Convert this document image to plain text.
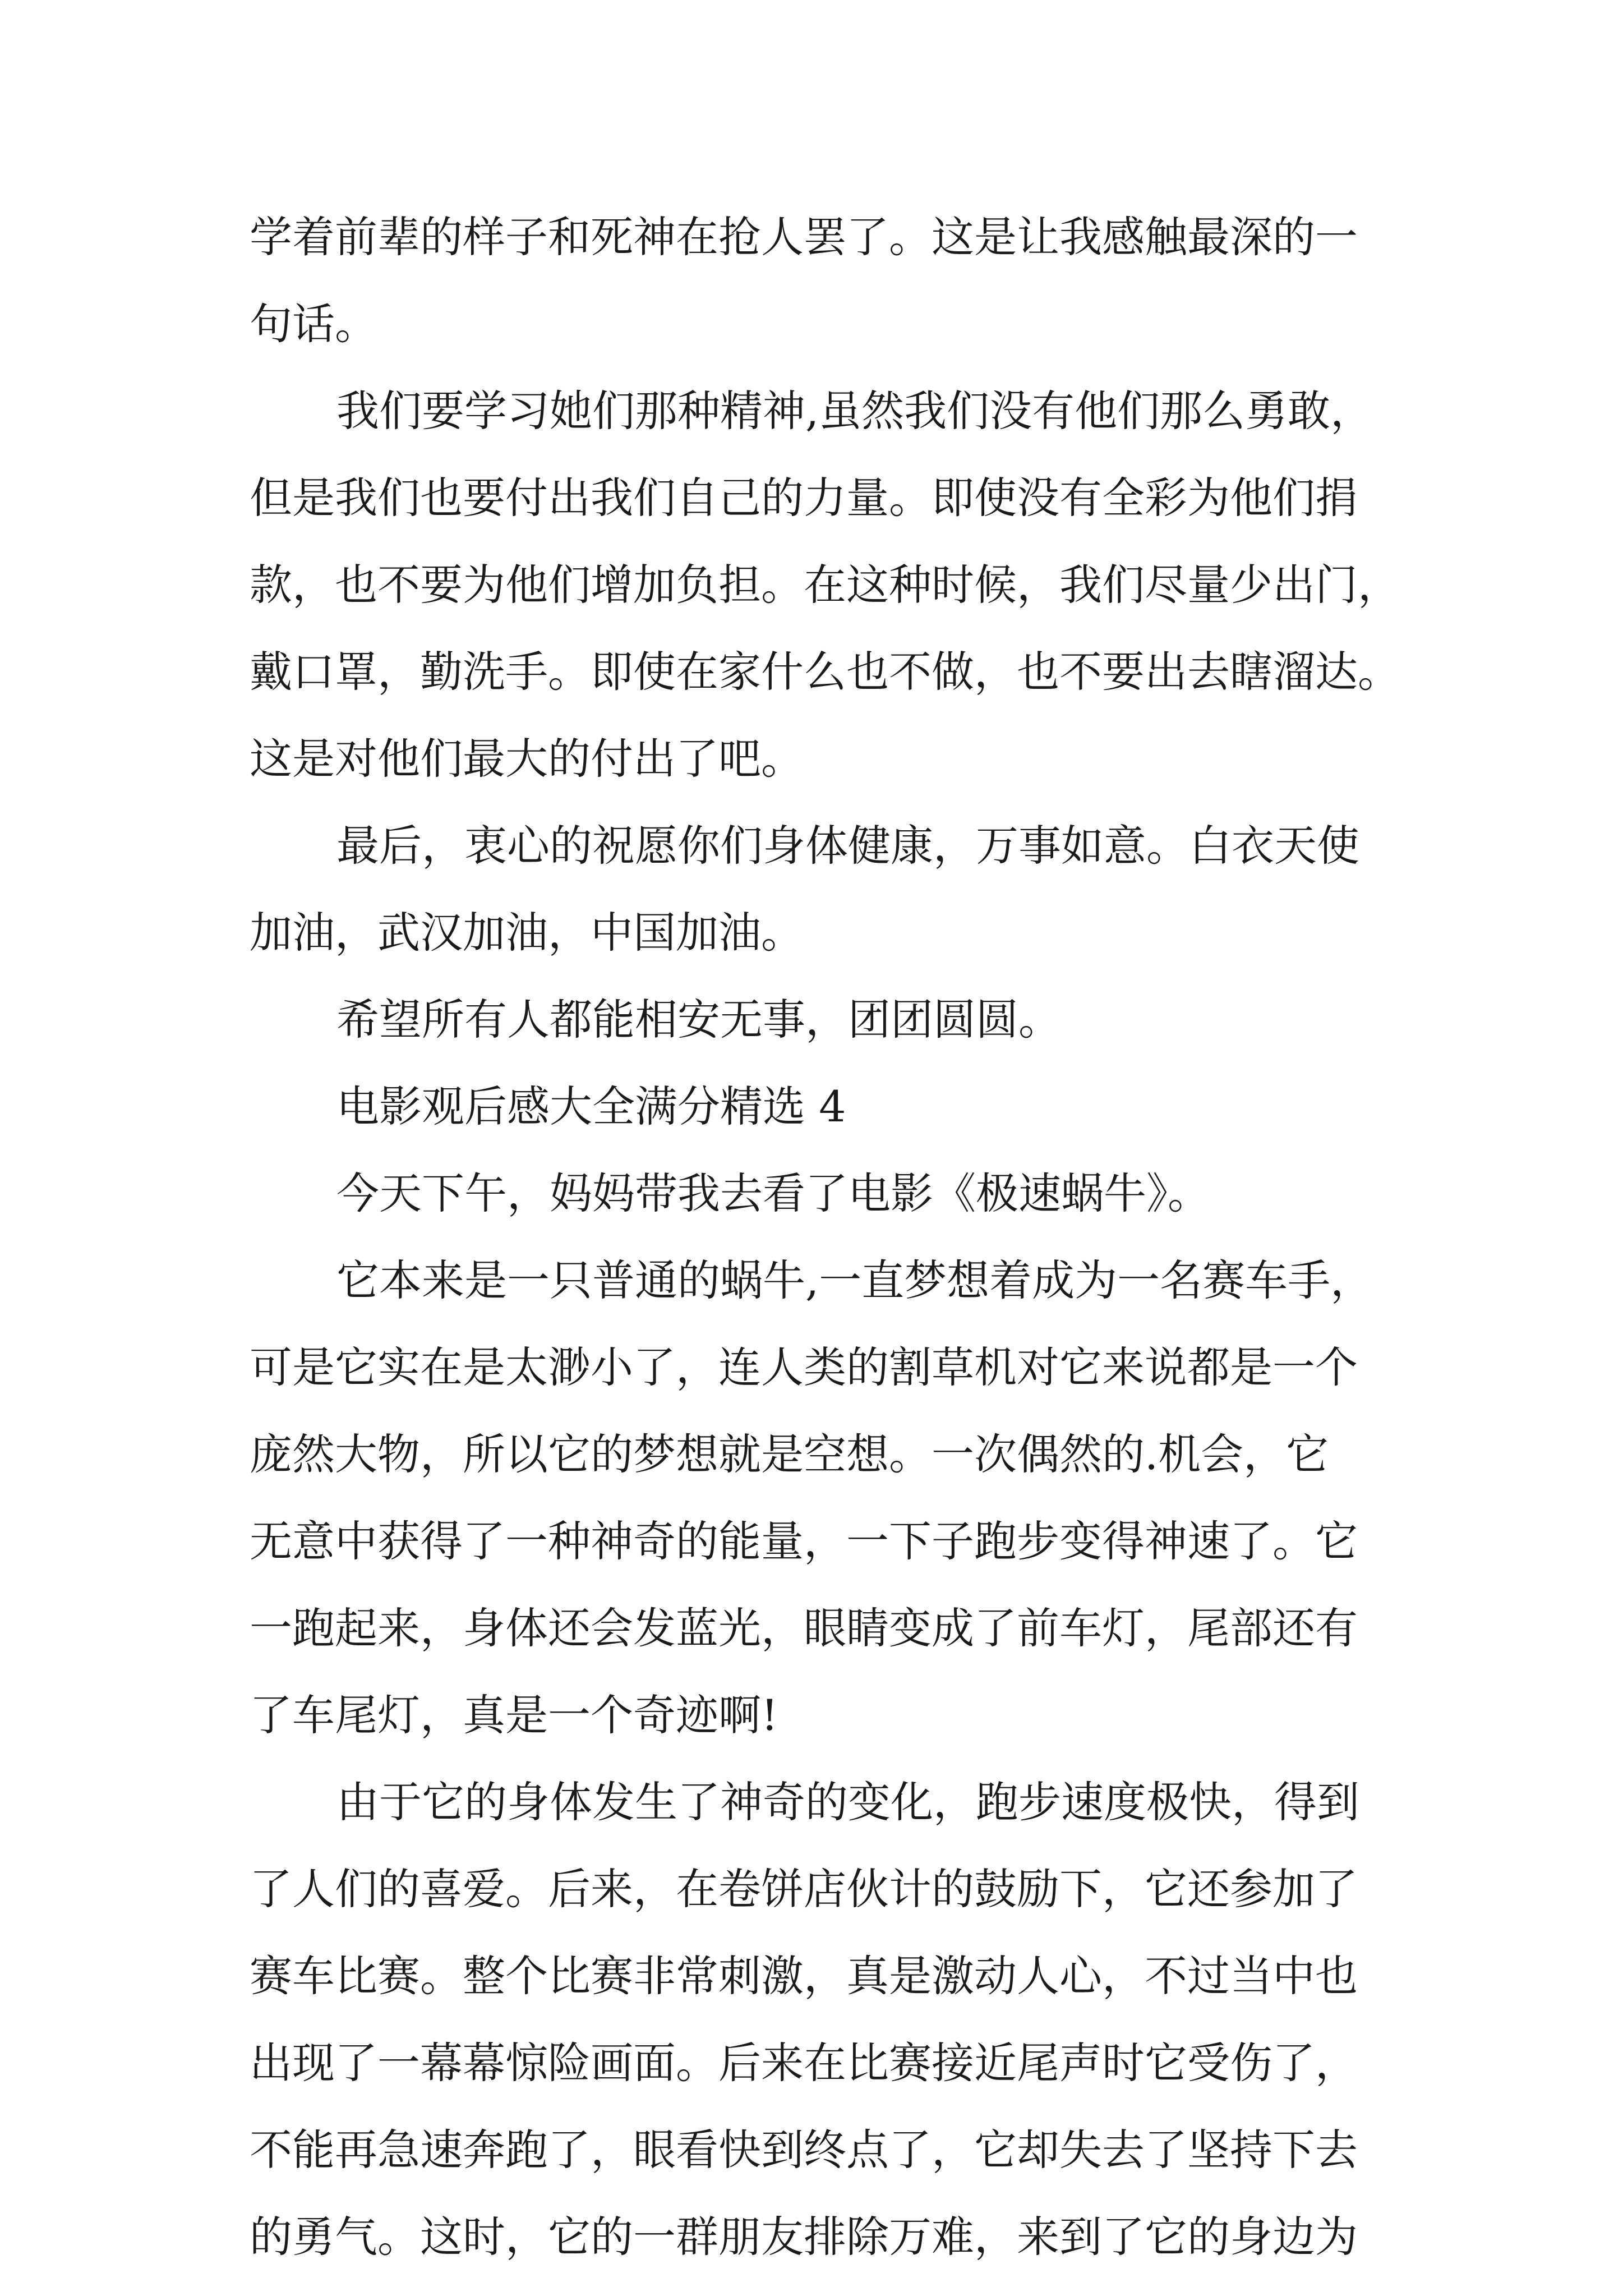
学着前辈的样子和死神在抢人罢了。这是让我感触最深的一
句话。
我们要学习她们那种精神,虽然我们没有他们那么勇敢，
但是我们也要付出我们自己的力量。即使没有全彩为他们捐
款，也不要为他们增加负担。在这种时候，我们尽量少出门，
戴口罩，勤洗手。即使在家什么也不做，也不要出去瞎溜达。
这是对他们最大的付出了吧。
最后，衷心的祝愿你们身体健康，万事如意。白衣天使
加油，武汉加油，中国加油。
希望所有人都能相安无事，团团圆圆。
电影观后感大全满分精选 4
今天下午，妈妈带我去看了电影《极速蜗牛》。
它本来是一只普通的蜗牛,一直梦想着成为一名赛车手，
可是它实在是太渺小了，连人类的割草机对它来说都是一个
庞然大物，所以它的梦想就是空想。一次偶然的.机会，它
无意中获得了一种神奇的能量，一下子跑步变得神速了。它
一跑起来，身体还会发蓝光，眼睛变成了前车灯，尾部还有
了车尾灯，真是一个奇迹啊!
由于它的身体发生了神奇的变化，跑步速度极快，得到
了人们的喜爱。后来，在卷饼店伙计的鼓励下，它还参加了
赛车比赛。整个比赛非常刺激，真是激动人心，不过当中也
出现了一幕幕惊险画面。后来在比赛接近尾声时它受伤了，
不能再急速奔跑了，眼看快到终点了，它却失去了坚持下去
的勇气。这时，它的一群朋友排除万难，来到了它的身边为
